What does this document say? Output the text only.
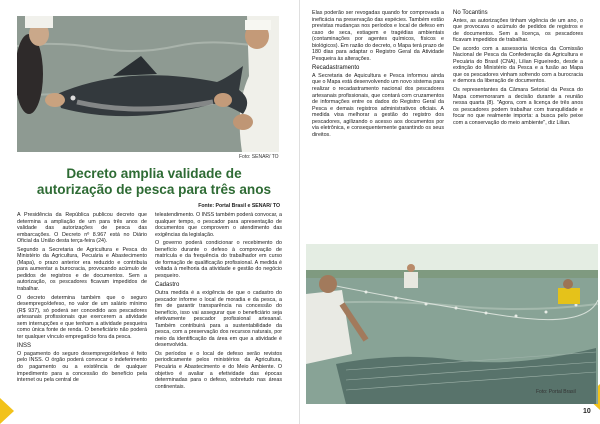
Foto: SENAR/ TO
Decreto amplia validade de autorização de pesca para três anos
Fonte: Portal Brasil e SENAR/ TO

A Presidência da República publicou decreto que determina a ampliação de um para três anos de validade das autorizações de pesca das embarcações. O Decreto nº 8.967 está no Diário Oficial da União desta terça-feira (24).

Segundo a Secretaria de Agricultura e Pesca do Ministério da Agricultura, Pecuária e Abastecimento (Mapa), o prazo anterior era reduzido e contribuía para aumentar a burocracia, provocando acúmulo de pedidos de registros e de documentos. Sem a autorização, os pescadores ficavam impedidos de trabalhar.

O decreto determina também que o seguro desemprego/defeso, no valor de um salário mínimo (R$ 937), só poderá ser concedido aos pescadores artesanais profissionais que exercerem a atividade sem interrupções e que tenham a atividade pesqueira como única fonte de renda. O beneficiário não poderá ter qualquer vínculo empregatício fora da pesca.

INSS

O pagamento do seguro desemprego/defeso é feito pelo INSS. O órgão poderá convocar o indeferimento do pagamento ou a existência de qualquer impedimento para a concessão do benefício pela internet ou pela central de

teleatendimento. O INSS também poderá convocar, a qualquer tempo, o pescador para apresentação de documentos que comprovem o atendimento das exigências da legislação.

O governo poderá condicionar o recebimento do benefício durante o defeso à comprovação de matrícula e da frequência do trabalhador em curso de formação de qualificação profissional. A medida é voltada à melhoria da atividade e gestão do negócio pesqueiro.

Cadastro

Outra medida é a exigência de que o cadastro do pescador informe o local de moradia e da pesca, a fim de garantir transparência na concessão do benefício, isso vai assegurar que o beneficiário seja efetivamente pescador profissional artesanal. Também contribuirá para a sustentabilidade da pesca, com a preservação dos recursos naturais, por meio da identificação da área em que a atividade é desenvolvida.

Os períodos e o local de defeso serão revistos periodicamente pelos ministérios da Agricultura, Pecuária e Abastecimento e do Meio Ambiente. O objetivo é avaliar a efetividade das épocas determinadas para o defeso, sobretudo nas áreas continentais.

9

Elas poderão ser revogadas quando for comprovada a ineficácia na preservação das espécies. Também estão previstas mudanças nos períodos e local de defeso em caso de seca, estiagem e tragédias ambientais (contaminações por agentes químicos, físicos e biológicos). Em razão do decreto, o Mapa terá prazo de 180 dias para adaptar o Registro Geral da Atividade Pesqueira às alterações.

Recadastramento

A Secretaria de Aquicultura e Pesca informou ainda que o Mapa está desenvolvendo um novo sistema para realizar o recadastramento nacional dos pescadores artesanais profissionais, que contará com cruzamentos de informações entre os dados do Registro Geral da Pesca e demais registros administrativos oficiais. A medida visa melhorar a gestão do registro dos pescadores, agilizando o acesso aos documentos por via eletrônica, e consequentemente garantindo os seus direitos.

No Tocantins

Antes, as autorizações tinham vigência de um ano, o que provocava o acúmulo de pedidos de registros e de documentos. Sem a licença, os pescadores ficavam impedidos de trabalhar.

De acordo com a assessoria técnica da Comissão Nacional de Pesca da Confederação da Agricultura e Pecuária do Brasil (CNA), Lilian Figueiredo, desde a extinção do Ministério da Pesca e a fusão ao Mapa que os pescadores vinham sofrendo com a burocracia e demora da liberação de documentos.

Os representantes da Câmara Setorial da Pesca do Mapa comemoraram a decisão durante a reunião nessa quarta (8). "Agora, com a licença de três anos os pescadores podem trabalhar com tranquilidade e focar no que realmente importa: a busca pelo peixe com a conservação do meio ambiente", diz Lilian.

10
Foto: Portal Brasil
